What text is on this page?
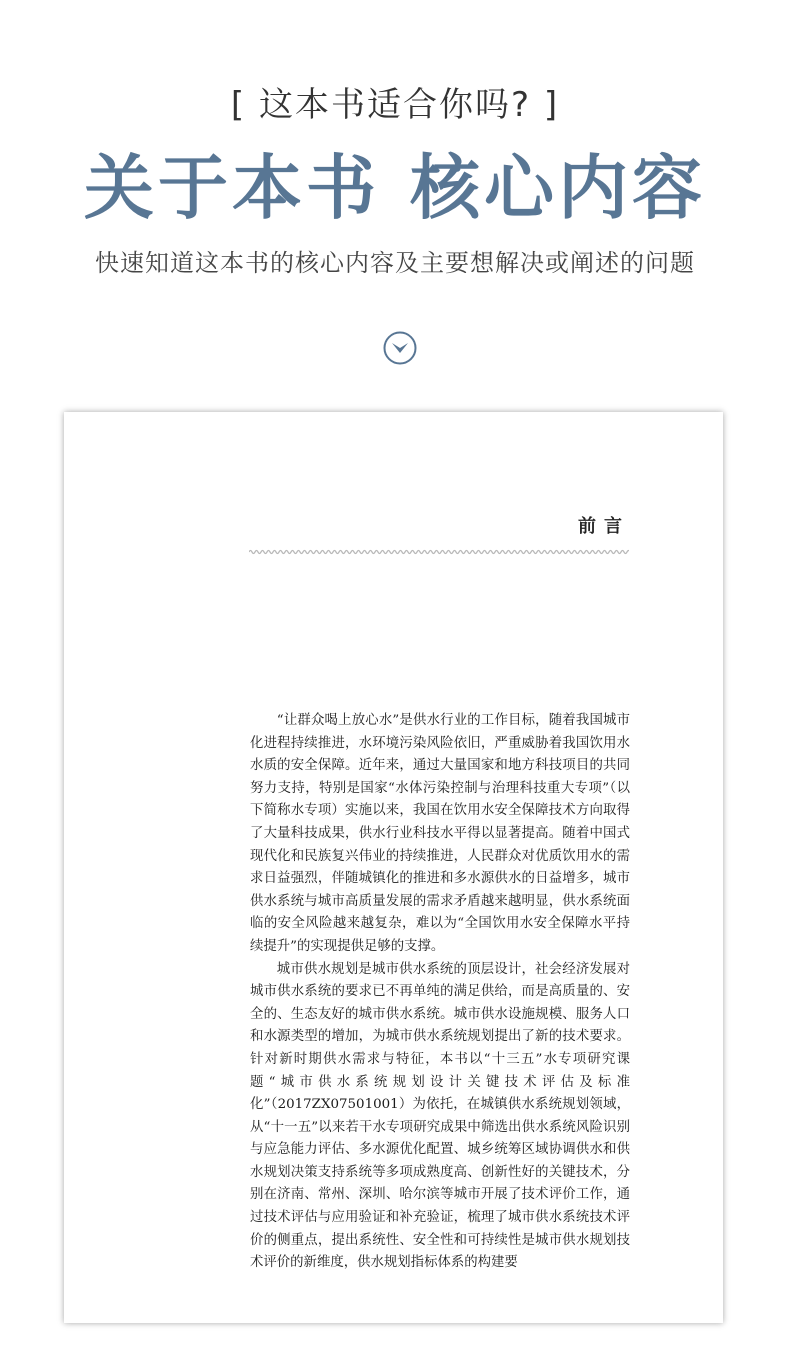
[ 这本书适合你吗? ]
关于本书 核心内容
快速知道这本书的核心内容及主要想解决或阐述的问题
前言

“让群众喝上放心水”是供水行业的工作目标，随着我国城市化进程持续推进，水环境污染风险依旧，严重威胁着我国饮用水水质的安全保障。近年来，通过大量国家和地方科技项目的共同努力支持，特别是国家“水体污染控制与治理科技重大专项”（以下简称水专项）实施以来，我国在饮用水安全保障技术方向取得了大量科技成果，供水行业科技水平得以显著提高。随着中国式现代化和民族复兴伟业的持续推进，人民群众对优质饮用水的需求日益强烈，伴随城镇化的推进和多水源供水的日益增多，城市供水系统与城市高质量发展的需求矛盾越来越明显，供水系统面临的安全风险越来越复杂，难以为“全国饮用水安全保障水平持续提升”的实现提供足够的支撑。

城市供水规划是城市供水系统的顶层设计，社会经济发展对城市供水系统的要求已不再单纯的满足供给，而是高质量的、安全的、生态友好的城市供水系统。城市供水设施规模、服务人口和水源类型的增加，为城市供水系统规划提出了新的技术要求。针对新时期供水需求与特征，本书以“十三五”水专项研究课题“城市供水系统规划设计关键技术评估及标准化”（2017ZX07501001）为依托，在城镇供水系统规划领域，从“十一五”以来若干水专项研究成果中筛选出供水系统风险识别与应急能力评估、多水源优化配置、城乡统筹区域协调供水和供水规划决策支持系统等多项成熟度高、创新性好的关键技术，分别在济南、常州、深圳、哈尔滨等城市开展了技术评价工作，通过技术评估与应用验证和补充验证，梳理了城市供水系统技术评价的侧重点，提出系统性、安全性和可持续性是城市供水规划技术评价的新维度，供水规划指标体系的构建要
